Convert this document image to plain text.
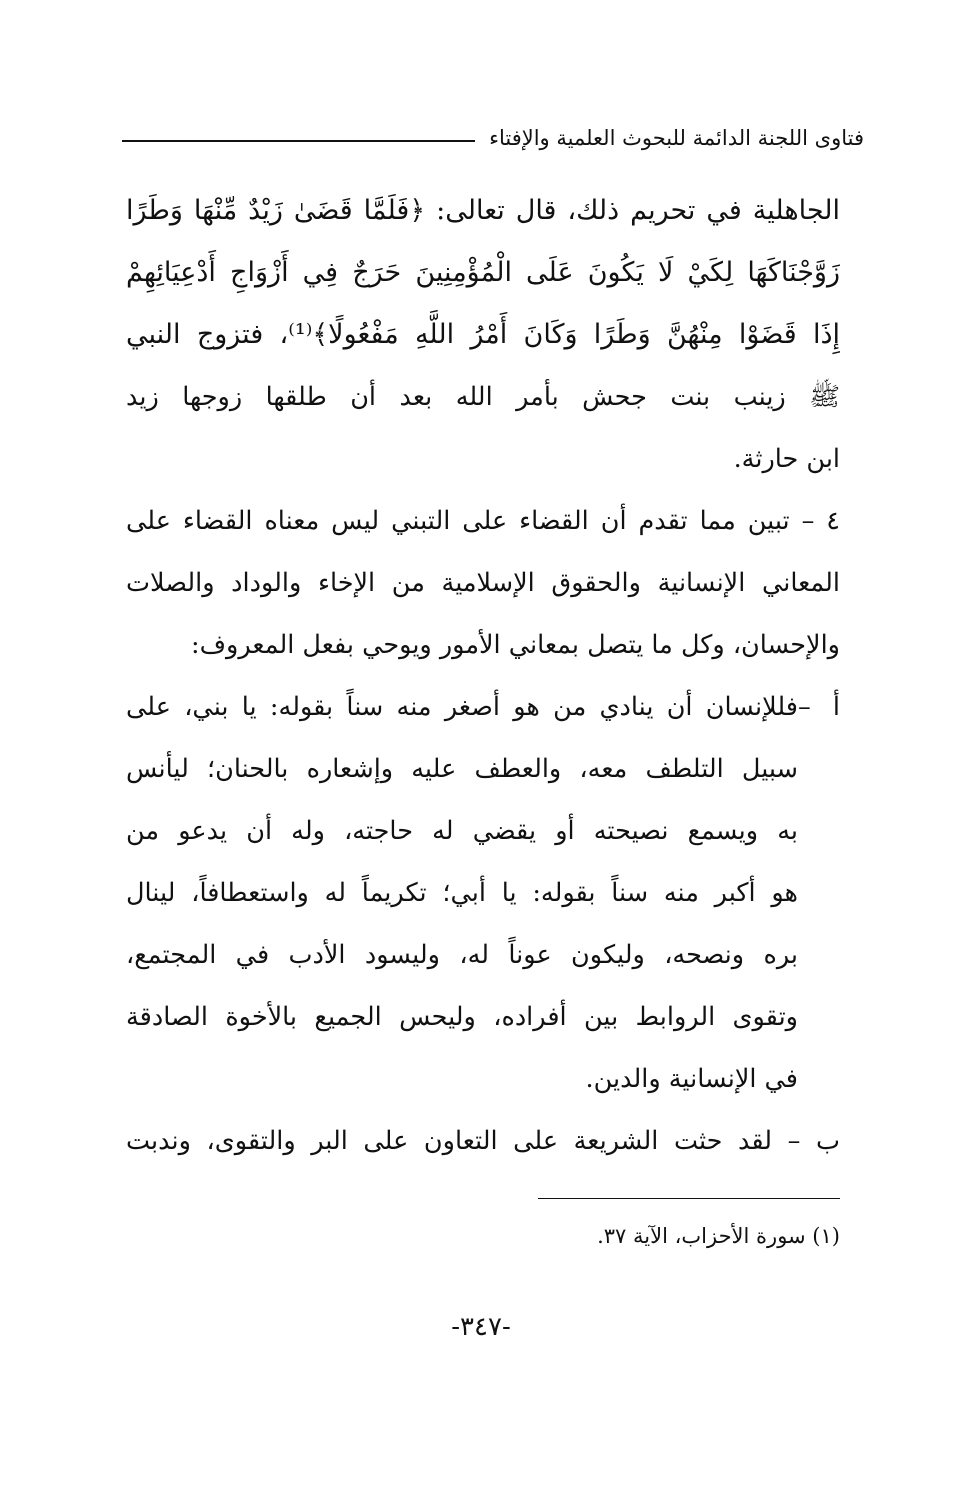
فتاوى اللجنة الدائمة للبحوث العلمية والإفتاء
الجاهلية في تحريم ذلك، قال تعالى: ﴿فَلَمَّا قَضَىٰ زَيْدٌ مِّنْهَا وَطَرًا
زَوَّجْنَاكَهَا لِكَيْ لَا يَكُونَ عَلَى الْمُؤْمِنِينَ حَرَجٌ فِي أَزْوَاجِ أَدْعِيَائِهِمْ
إِذَا قَضَوْا مِنْهُنَّ وَطَرًا وَكَانَ أَمْرُ اللَّهِ مَفْعُولًا﴾⁽¹⁾، فتزوج النبي
ﷺ زينب بنت جحش بأمر الله بعد أن طلقها زوجها زيد
ابن حارثة.
٤ – تبين مما تقدم أن القضاء على التبني ليس معناه القضاء على
المعاني الإنسانية والحقوق الإسلامية من الإخاء والوداد والصلات
والإحسان، وكل ما يتصل بمعاني الأمور ويوحي بفعل المعروف:
أ –فللإنسان أن ينادي من هو أصغر منه سناً بقوله: يا بني، على
سبيل التلطف معه، والعطف عليه وإشعاره بالحنان؛ ليأنس
به ويسمع نصيحته أو يقضي له حاجته، وله أن يدعو من
هو أكبر منه سناً بقوله: يا أبي؛ تكريماً له واستعطافاً، لينال
بره ونصحه، وليكون عوناً له، وليسود الأدب في المجتمع،
وتقوى الروابط بين أفراده، وليحس الجميع بالأخوة الصادقة
في الإنسانية والدين.
ب – لقد حثت الشريعة على التعاون على البر والتقوى، وندبت
(١) سورة الأحزاب، الآية ٣٧.
-٣٤٧-
